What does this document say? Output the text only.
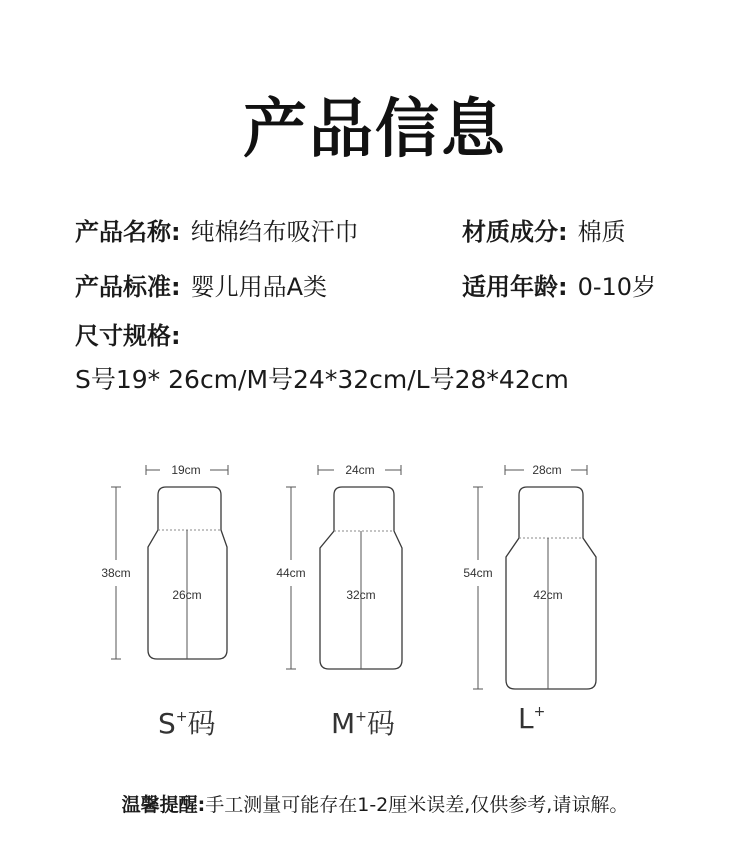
产品信息
产品名称: 纯棉绉布吸汗巾	材质成分: 棉质
产品标准: 婴儿用品A类	适用年龄: 0-10岁
尺寸规格:
S号19* 26cm/M号24*32cm/L号28*42cm
19cm
38cm
26cm
24cm
44cm
32cm
28cm
54cm
42cm
S+码	M+码	L+
温馨提醒:手工测量可能存在1-2厘米误差,仅供参考,请谅解。
